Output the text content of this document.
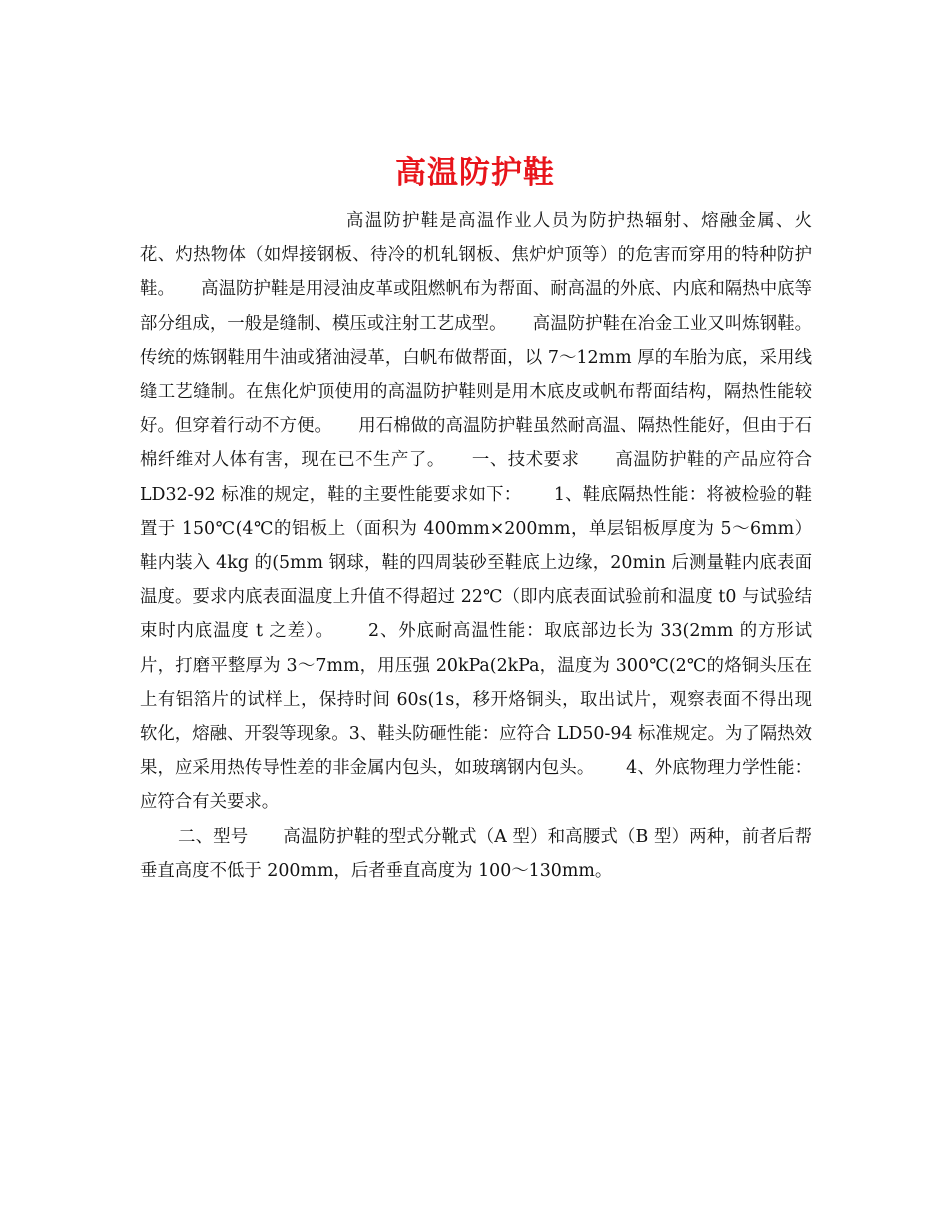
高温防护鞋

高温防护鞋是高温作业人员为防护热辐射、熔融金属、火花、灼热物体（如焊接钢板、待冷的机轧钢板、焦炉炉顶等）的危害而穿用的特种防护鞋。　　高温防护鞋是用浸油皮革或阻燃帆布为帮面、耐高温的外底、内底和隔热中底等部分组成，一般是缝制、模压或注射工艺成型。　　高温防护鞋在冶金工业又叫炼钢鞋。传统的炼钢鞋用牛油或猪油浸革，白帆布做帮面，以 7～12mm 厚的车胎为底，采用线缝工艺缝制。在焦化炉顶使用的高温防护鞋则是用木底皮或帆布帮面结构，隔热性能较好。但穿着行动不方便。　　用石棉做的高温防护鞋虽然耐高温、隔热性能好，但由于石棉纤维对人体有害，现在已不生产了。　　一、技术要求　　高温防护鞋的产品应符合 LD32-92 标准的规定，鞋的主要性能要求如下：　　 1、鞋底隔热性能：将被检验的鞋置于 150℃(4℃的铝板上（面积为 400mm×200mm，单层铝板厚度为 5～6mm）鞋内装入 4kg 的(5mm 钢球，鞋的四周装砂至鞋底上边缘，20min 后测量鞋内底表面温度。要求内底表面温度上升值不得超过 22℃（即内底表面试验前和温度 t0 与试验结束时内底温度 t 之差）。　　 2、外底耐高温性能：取底部边长为 33(2mm 的方形试片，打磨平整厚为 3～7mm，用压强 20kPa(2kPa，温度为 300℃(2℃的烙铜头压在上有铝箔片的试样上，保持时间 60s(1s，移开烙铜头，取出试片，观察表面不得出现软化，熔融、开裂等现象。3、鞋头防砸性能：应符合 LD50-94 标准规定。为了隔热效果，应采用热传导性差的非金属内包头，如玻璃钢内包头。　　 4、外底物理力学性能：应符合有关要求。

二、型号　　高温防护鞋的型式分靴式（A 型）和高腰式（B 型）两种，前者后帮垂直高度不低于 200mm，后者垂直高度为 100～130mm。
